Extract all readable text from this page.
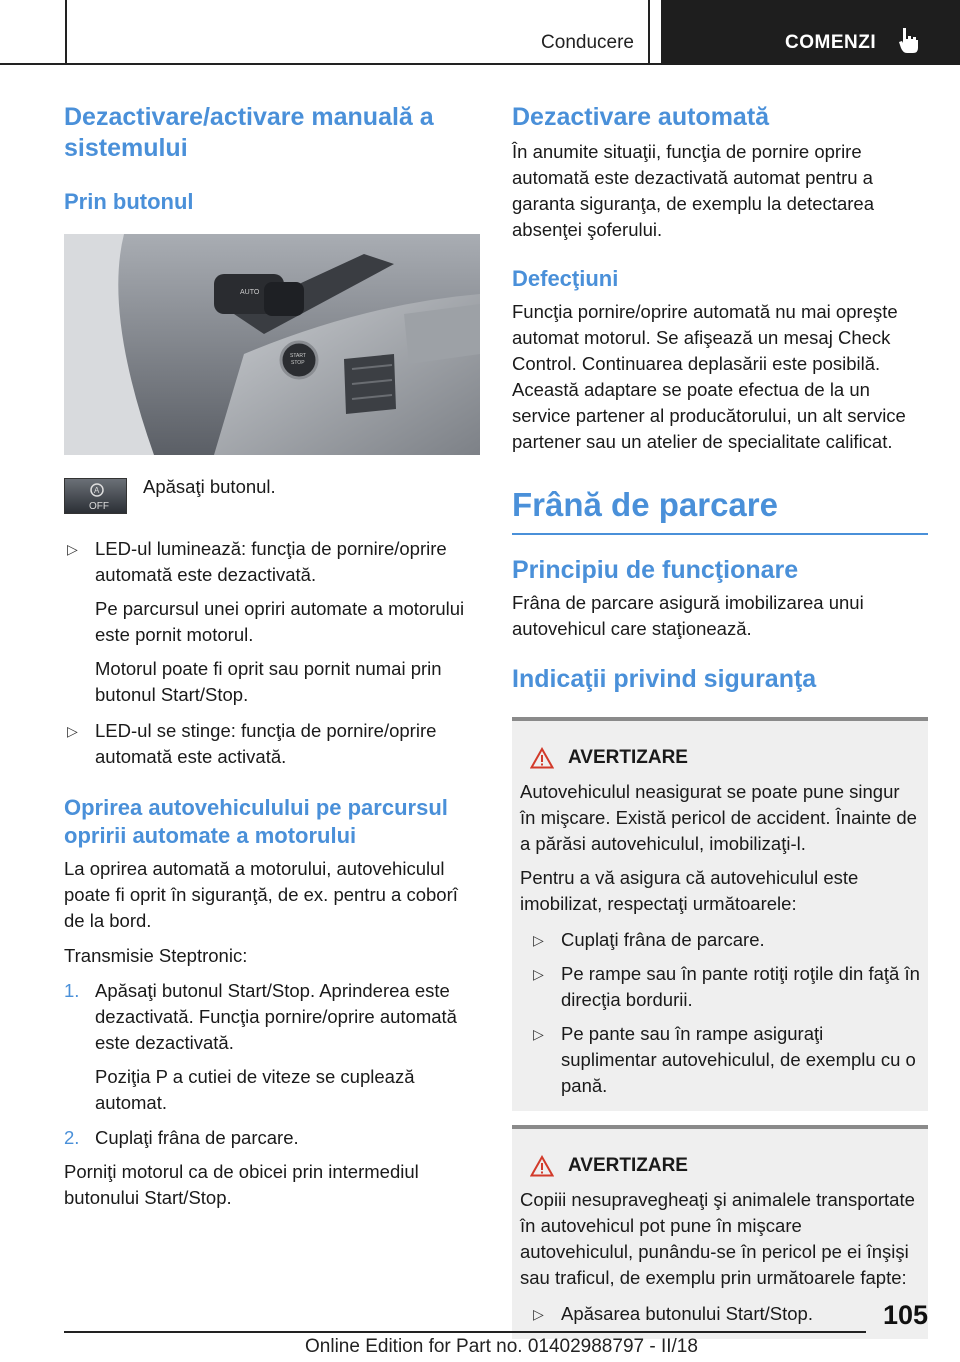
Conducere	COMENZI
Dezactivare/activare manuală a sistemului
Prin butonul
AUTO
START
STOP
A
OFF

Apăsaţi butonul.

▷ LED-ul luminează: funcţia de pornire/oprire automată este dezactivată.

Pe parcursul unei opriri automate a motorului este pornit motorul.

Motorul poate fi oprit sau pornit numai prin butonul Start/Stop.

▷ LED-ul se stinge: funcţia de pornire/oprire automată este activată.

Oprirea autovehiculului pe parcursul opririi automate a motorului

La oprirea automată a motorului, autovehiculul poate fi oprit în siguranţă, de ex. pentru a coborî de la bord.

Transmisie Steptronic:

1. Apăsaţi butonul Start/Stop. Aprinderea este dezactivată. Funcţia pornire/oprire automată este dezactivată.

Poziţia P a cutiei de viteze se cuplează automat.

2. Cuplaţi frâna de parcare.

Porniţi motorul ca de obicei prin intermediul butonului Start/Stop.

Dezactivare automată

În anumite situaţii, funcţia de pornire oprire automată este dezactivată automat pentru a garanta siguranţa, de exemplu la detectarea absenţei şoferului.

Defecţiuni

Funcţia pornire/oprire automată nu mai opreşte automat motorul. Se afişează un mesaj Check Control. Continuarea deplasării este posibilă. Această adaptare se poate efectua de la un service partener al producătorului, un alt service partener sau un atelier de specialitate calificat.

Frână de parcare
Principiu de funcţionare

Frâna de parcare asigură imobilizarea unui autovehicul care staţionează.

Indicaţii privind siguranţa
AVERTIZARE

Autovehiculul neasigurat se poate pune singur în mişcare. Există pericol de accident. Înainte de a părăsi autovehiculul, imobilizaţi-l.

Pentru a vă asigura că autovehiculul este imobilizat, respectaţi următoarele:

▷ Cuplaţi frâna de parcare.

▷ Pe rampe sau în pante rotiţi roţile din faţă în direcţia bordurii.

▷ Pe pante sau în rampe asiguraţi suplimentar autovehiculul, de exemplu cu o pană.

AVERTIZARE

Copiii nesupravegheaţi şi animalele transportate în autovehicul pot pune în mişcare autovehiculul, punându-se în pericol pe ei înşişi sau traficul, de exemplu prin următoarele fapte:

▷ Apăsarea butonului Start/Stop.	105
Online Edition for Part no. 01402988797 - II/18
